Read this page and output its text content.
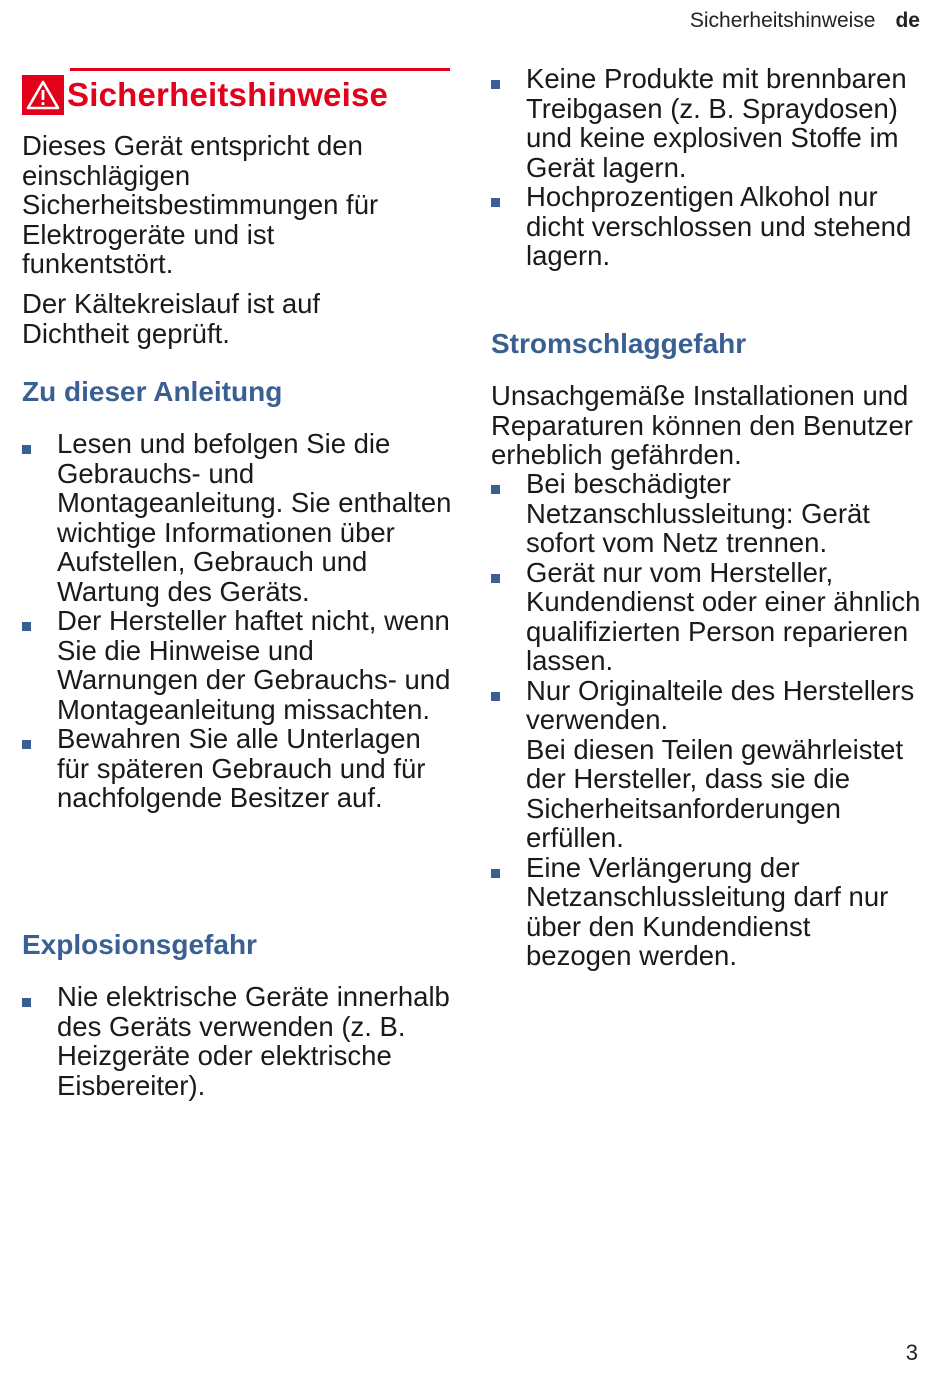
Sicherheitshinweise de
Sicherheitshinweise

Dieses Gerät entspricht den einschlägigen Sicherheitsbestimmungen für Elektrogeräte und ist funkentstört.

Der Kältekreislauf ist auf Dichtheit geprüft.

Zu dieser Anleitung
Lesen und befolgen Sie die Gebrauchs- und Montageanleitung. Sie enthalten wichtige Informationen über Aufstellen, Gebrauch und Wartung des Geräts.
Der Hersteller haftet nicht, wenn Sie die Hinweise und Warnungen der Gebrauchs- und Montageanleitung missachten.
Bewahren Sie alle Unterlagen für späteren Gebrauch und für nachfolgende Besitzer auf.
Explosionsgefahr
Nie elektrische Geräte innerhalb des Geräts verwenden (z. B. Heizgeräte oder elektrische Eisbereiter).
Keine Produkte mit brennbaren Treibgasen (z. B. Spraydosen) und keine explosiven Stoffe im Gerät lagern.
Hochprozentigen Alkohol nur dicht verschlossen und stehend lagern.
Stromschlaggefahr

Unsachgemäße Installationen und Reparaturen können den Benutzer erheblich gefährden.

Bei beschädigter Netzanschlussleitung: Gerät sofort vom Netz trennen.
Gerät nur vom Hersteller, Kundendienst oder einer ähnlich qualifizierten Person reparieren lassen.
Nur Originalteile des Herstellers verwenden.
Bei diesen Teilen gewährleistet der Hersteller, dass sie die Sicherheitsanforderungen erfüllen.
Eine Verlängerung der Netzanschlussleitung darf nur über den Kundendienst bezogen werden.
3
